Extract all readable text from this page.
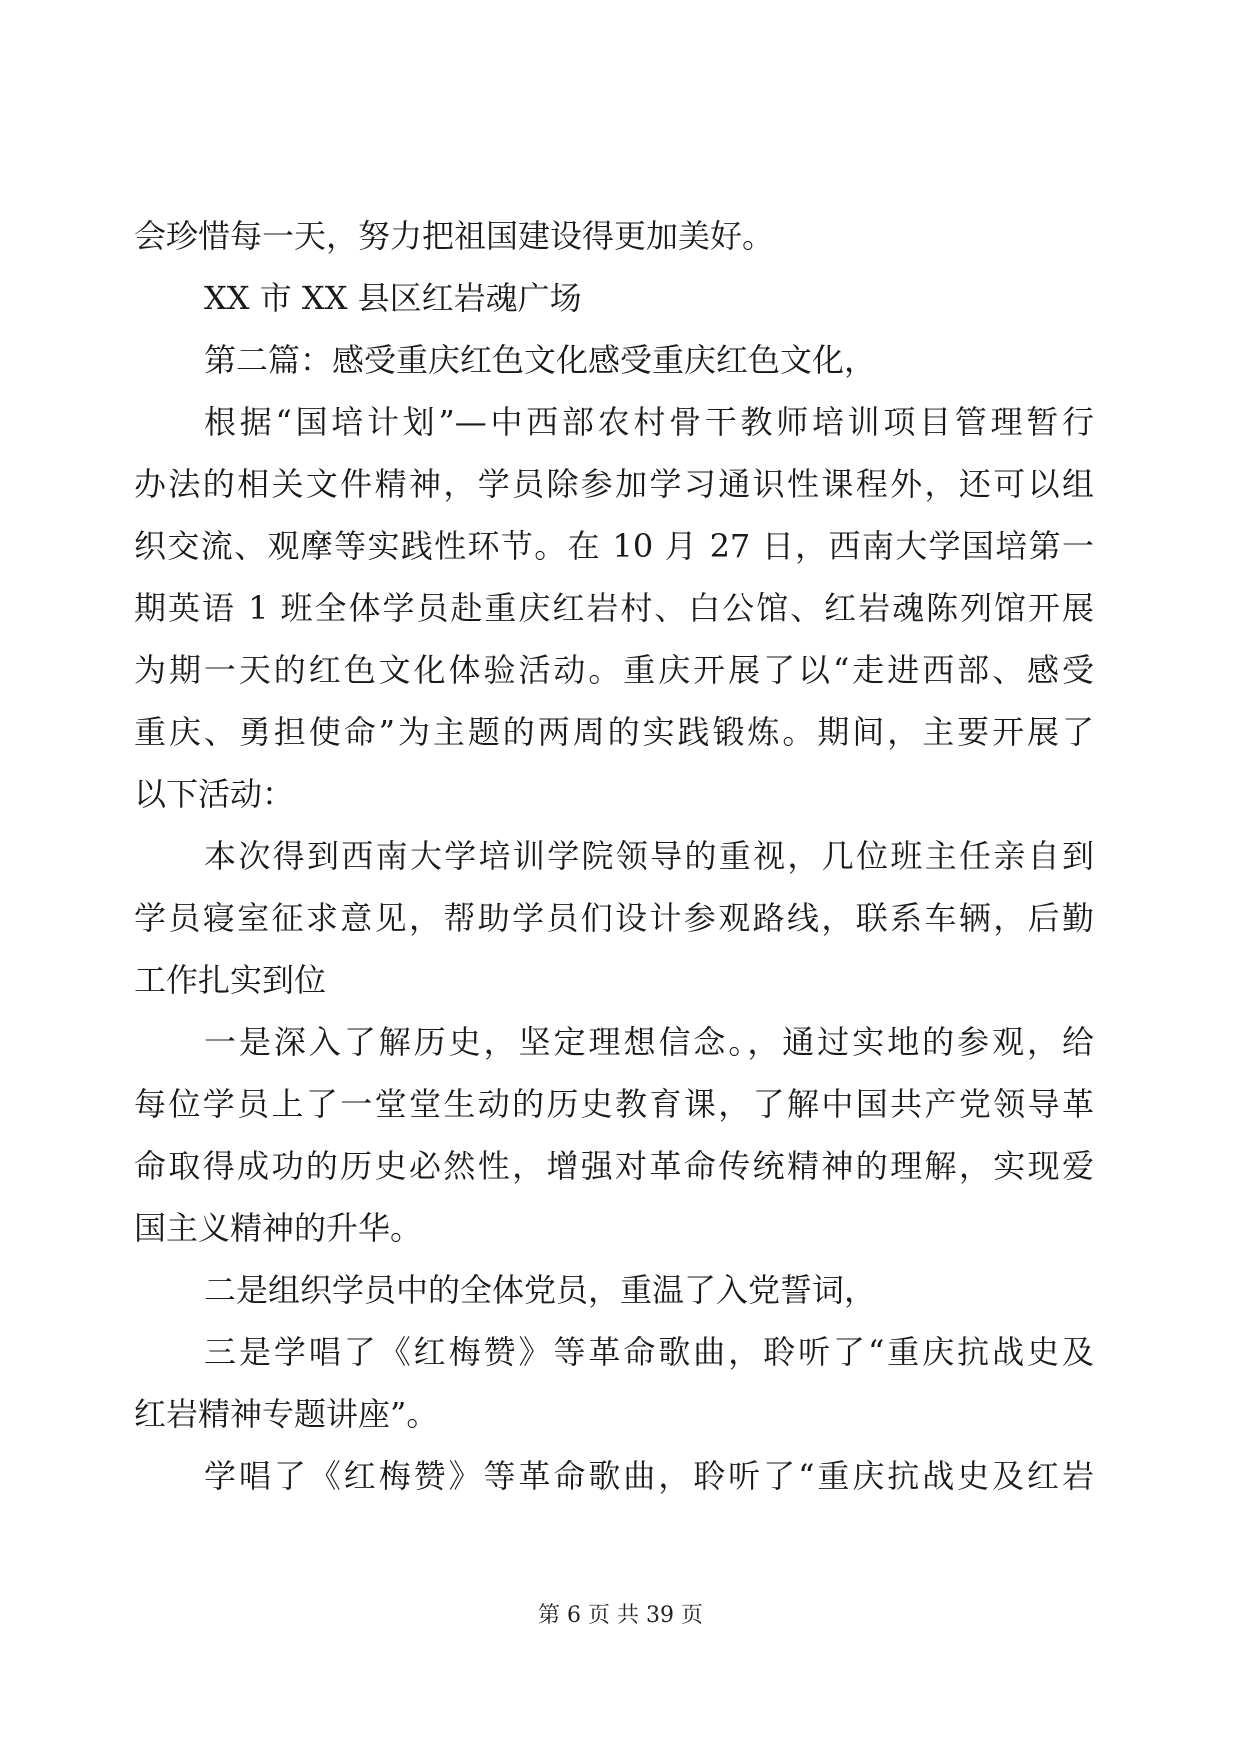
会珍惜每一天，努力把祖国建设得更加美好。
XX 市 XX 县区红岩魂广场
第二篇：感受重庆红色文化感受重庆红色文化，
根据“国培计划”—中西部农村骨干教师培训项目管理暂行
办法的相关文件精神，学员除参加学习通识性课程外，还可以组
织交流、观摩等实践性环节。在 10 月 27 日，西南大学国培第一
期英语 1 班全体学员赴重庆红岩村、白公馆、红岩魂陈列馆开展
为期一天的红色文化体验活动。重庆开展了以“走进西部、感受
重庆、勇担使命”为主题的两周的实践锻炼。期间，主要开展了
以下活动：
本次得到西南大学培训学院领导的重视，几位班主任亲自到
学员寝室征求意见，帮助学员们设计参观路线，联系车辆，后勤
工作扎实到位
一是深入了解历史，坚定理想信念。，通过实地的参观，给
每位学员上了一堂堂生动的历史教育课，了解中国共产党领导革
命取得成功的历史必然性，增强对革命传统精神的理解，实现爱
国主义精神的升华。
二是组织学员中的全体党员，重温了入党誓词，
三是学唱了《红梅赞》等革命歌曲，聆听了“重庆抗战史及
红岩精神专题讲座”。
学唱了《红梅赞》等革命歌曲，聆听了“重庆抗战史及红岩
第 6 页 共 39 页
